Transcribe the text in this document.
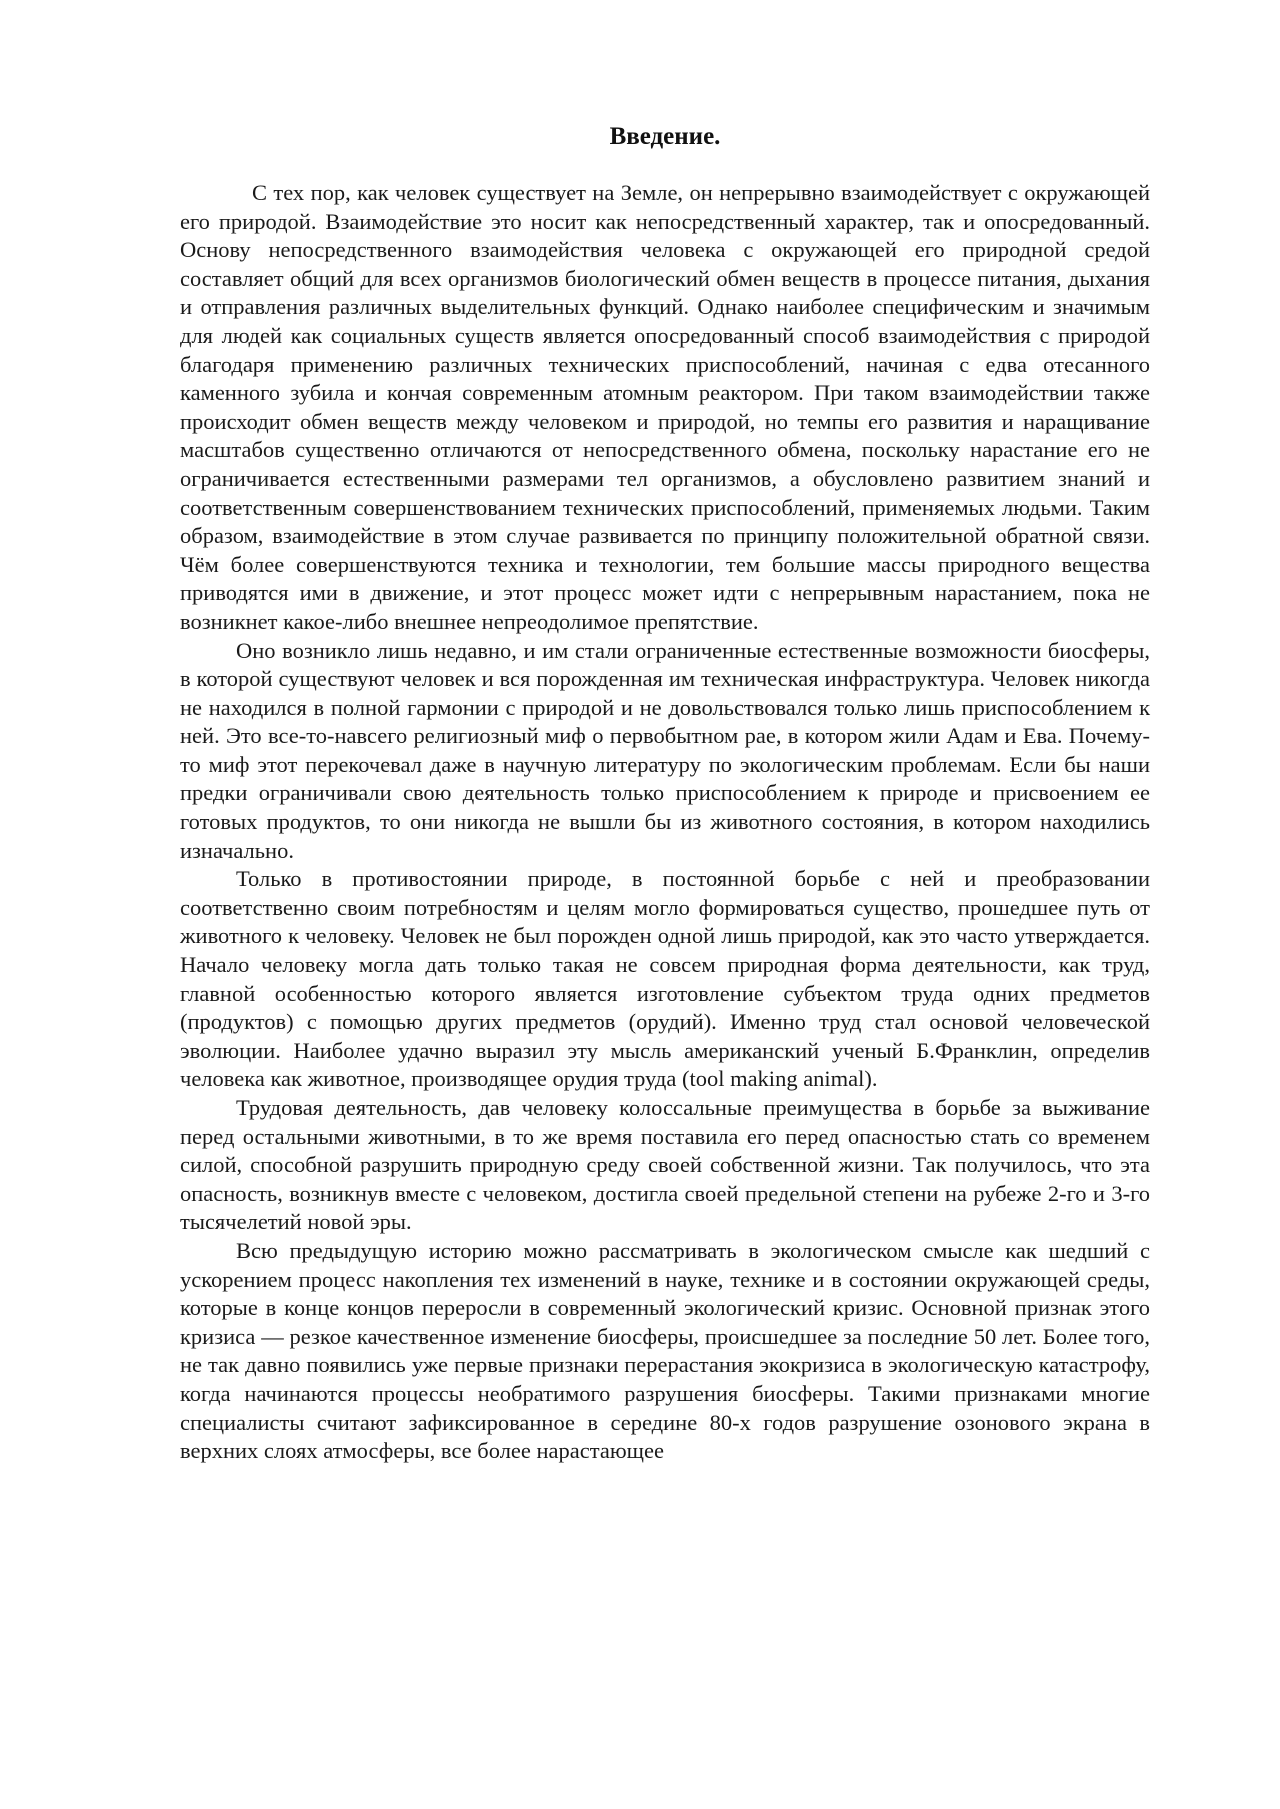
Введение.

С тех пор, как человек существует на Земле, он непрерывно взаимодействует с окружающей его природой. Взаимодействие это носит как непосредственный характер, так и опосредованный. Основу непосредственного взаимодействия человека с окружающей его природной средой составляет общий для всех организмов биологический обмен веществ в процессе питания, дыхания и отправления различных выделительных функций. Однако наиболее специфическим и значимым для людей как социальных существ является опосредованный способ взаимодействия с природой благодаря применению различных технических приспособлений, начиная с едва отесанного каменного зубила и кончая современным атомным реактором. При таком взаимодействии также происходит обмен веществ между человеком и природой, но темпы его развития и наращивание масштабов существенно отличаются от непосредственного обмена, поскольку нарастание его не ограничивается естественными размерами тел организмов, а обусловлено развитием знаний и соответственным совершенствованием технических приспособлений, применяемых людьми. Таким образом, взаимодействие в этом случае развивается по принципу положительной обратной связи. Чём более совершенствуются техника и технологии, тем большие массы природного вещества приводятся ими в движение, и этот процесс может идти с непрерывным нарастанием, пока не возникнет какое-либо внешнее непреодолимое препятствие.

Оно возникло лишь недавно, и им стали ограниченные естественные возможности биосферы, в которой существуют человек и вся порожденная им техническая инфраструктура. Человек никогда не находился в полной гармонии с природой и не довольствовался только лишь приспособлением к ней. Это все-то-навсего религиозный миф о первобытном рае, в котором жили Адам и Ева. Почему-то миф этот перекочевал даже в научную литературу по экологическим проблемам. Если бы наши предки ограничивали свою деятельность только приспособлением к природе и присвоением ее готовых продуктов, то они никогда не вышли бы из животного состояния, в котором находились изначально.

Только в противостоянии природе, в постоянной борьбе с ней и преобразовании соответственно своим потребностям и целям могло формироваться существо, прошедшее путь от животного к человеку. Человек не был порожден одной лишь природой, как это часто утверждается. Начало человеку могла дать только такая не совсем природная форма деятельности, как труд, главной особенностью которого является изготовление субъектом труда одних предметов (продуктов) с помощью других предметов (орудий). Именно труд стал основой человеческой эволюции. Наиболее удачно выразил эту мысль американский ученый Б.Франклин, определив человека как животное, производящее орудия труда (tool making animal).

Трудовая деятельность, дав человеку колоссальные преимущества в борьбе за выживание перед остальными животными, в то же время поставила его перед опасностью стать со временем силой, способной разрушить природную среду своей собственной жизни. Так получилось, что эта опасность, возникнув вместе с человеком, достигла своей предельной степени на рубеже 2-го и 3-го тысячелетий новой эры.

Всю предыдущую историю можно рассматривать в экологическом смысле как шедший с ускорением процесс накопления тех изменений в науке, технике и в состоянии окружающей среды, которые в конце концов переросли в современный экологический кризис. Основной признак этого кризиса — резкое качественное изменение биосферы, происшедшее за последние 50 лет. Более того, не так давно появились уже первые признаки перерастания экокризиса в экологическую катастрофу, когда начинаются процессы необратимого разрушения биосферы. Такими признаками многие специалисты считают зафиксированное в середине 80-х годов разрушение озонового экрана в верхних слоях атмосферы, все более нарастающее
